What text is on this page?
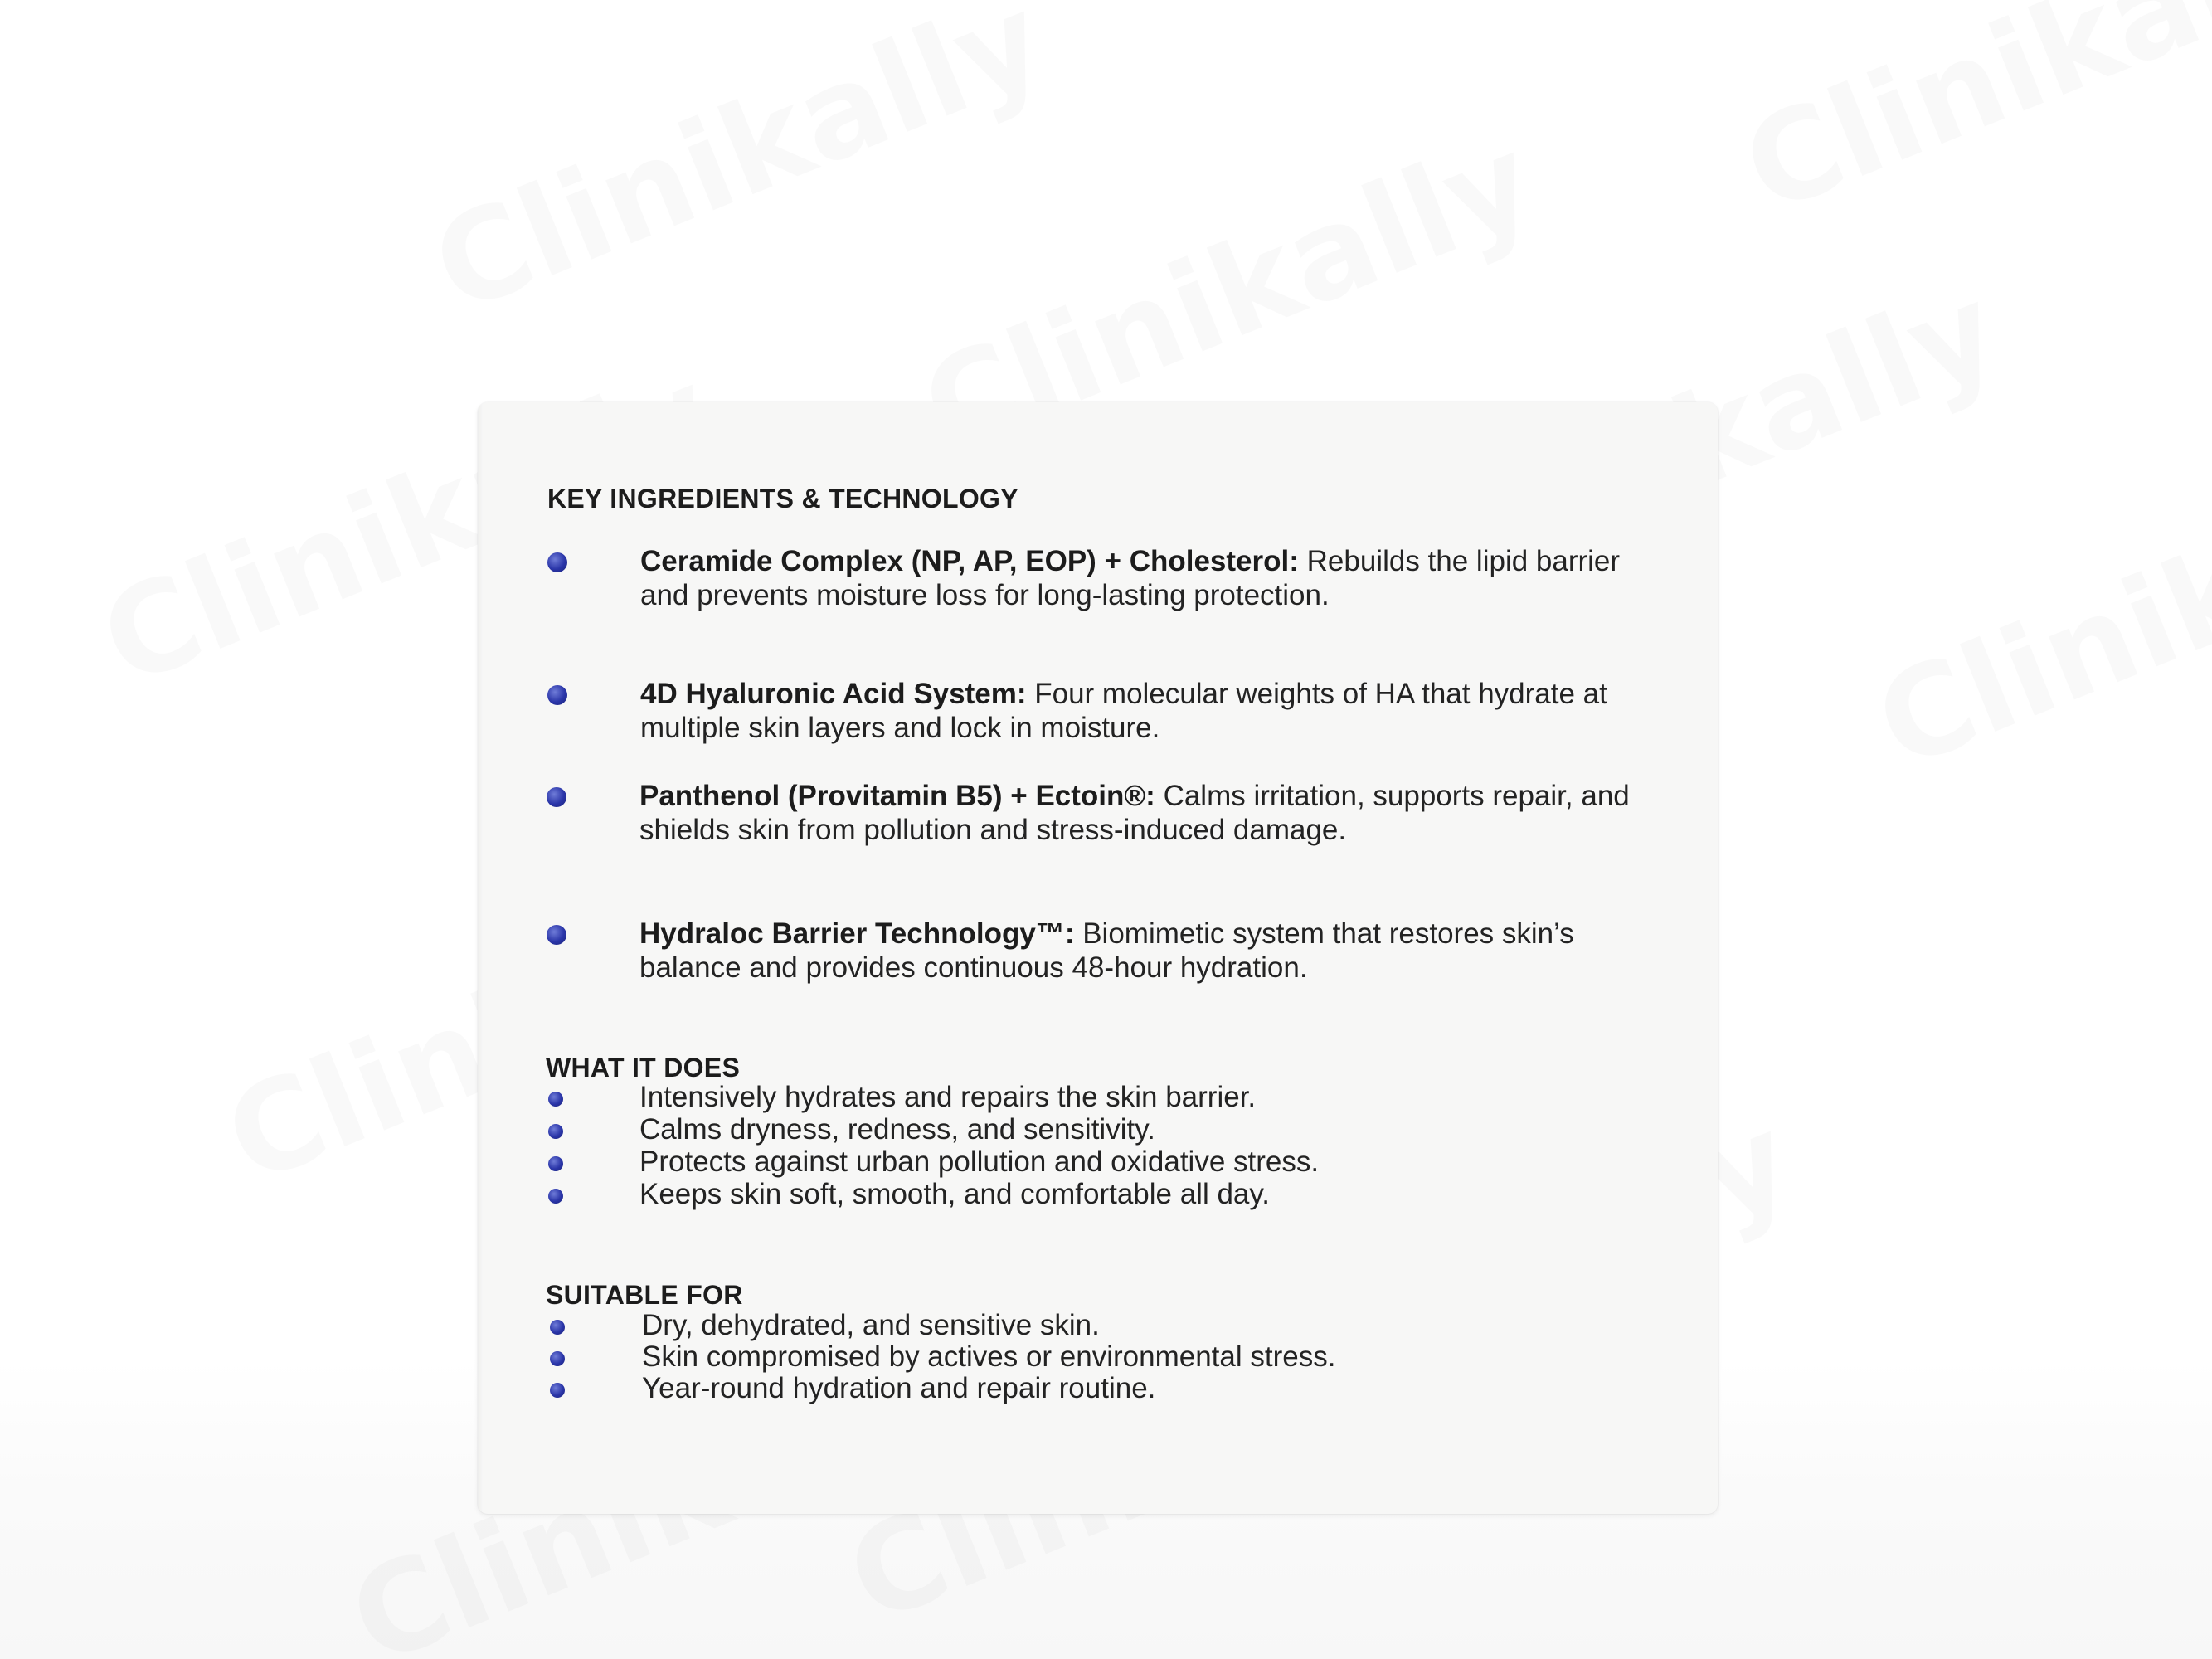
KEY INGREDIENTS & TECHNOLOGY
Ceramide Complex (NP, AP, EOP) + Cholesterol: Rebuilds the lipid barrier and prevents moisture loss for long-lasting protection.
4D Hyaluronic Acid System: Four molecular weights of HA that hydrate at multiple skin layers and lock in moisture.
Panthenol (Provitamin B5) + Ectoin®: Calms irritation, supports repair, and shields skin from pollution and stress-induced damage.
Hydraloc Barrier Technology™: Biomimetic system that restores skin’s balance and provides continuous 48-hour hydration.
WHAT IT DOES
Intensively hydrates and repairs the skin barrier.
Calms dryness, redness, and sensitivity.
Protects against urban pollution and oxidative stress.
Keeps skin soft, smooth, and comfortable all day.
SUITABLE FOR
Dry, dehydrated, and sensitive skin.
Skin compromised by actives or environmental stress.
Year-round hydration and repair routine.
